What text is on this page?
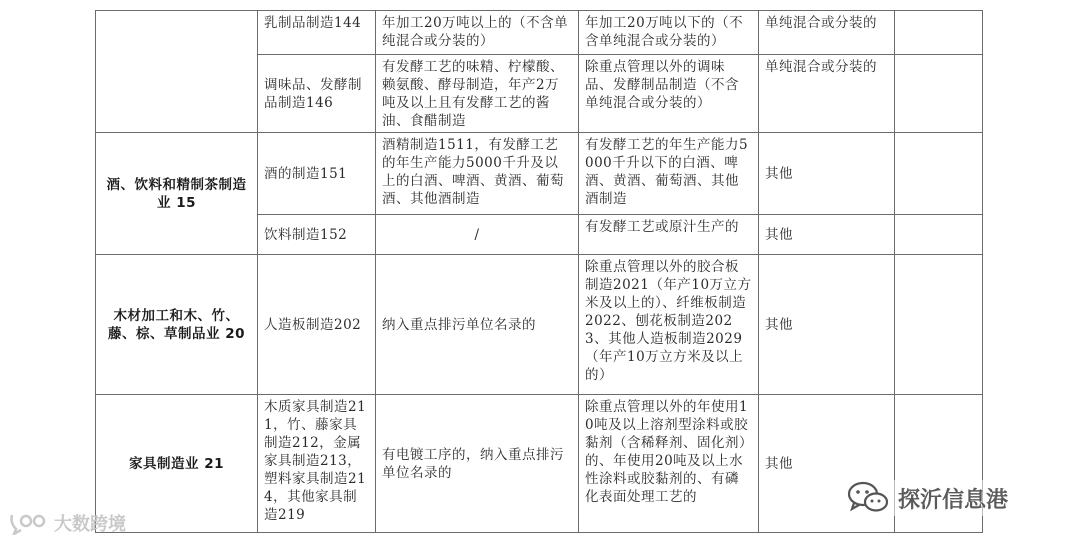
	乳制品制造144	年加工20万吨以上的（不含单纯混合或分装的）	年加工20万吨以下的（不含单纯混合或分装的）	单纯混合或分装的	
	调味品、发酵制品制造146	有发酵工艺的味精、柠檬酸、赖氨酸、酵母制造，年产2万吨及以上且有发酵工艺的酱油、食醋制造	除重点管理以外的调味品、发酵制品制造（不含单纯混合或分装的）	单纯混合或分装的	
酒、饮料和精制茶制造业 15	酒的制造151	酒精制造1511，有发酵工艺的年生产能力5000千升及以上的白酒、啤酒、黄酒、葡萄酒、其他酒制造	有发酵工艺的年生产能力5000千升以下的白酒、啤酒、黄酒、葡萄酒、其他酒制造	其他	
	饮料制造152	/	有发酵工艺或原汁生产的	其他	
木材加工和木、竹、藤、棕、草制品业 20	人造板制造202	纳入重点排污单位名录的	除重点管理以外的胶合板制造2021（年产10万立方米及以上的）、纤维板制造2022、刨花板制造2023、其他人造板制造2029（年产10万立方米及以上的）	其他	
家具制造业 21	木质家具制造211，竹、藤家具制造212，金属家具制造213，塑料家具制造214，其他家具制造219	有电镀工序的，纳入重点排污单位名录的	除重点管理以外的年使用10吨及以上溶剂型涂料或胶黏剂（含稀释剂、固化剂）的、年使用20吨及以上水性涂料或胶黏剂的、有磷化表面处理工艺的	其他	
大数跨境
探沂信息港
